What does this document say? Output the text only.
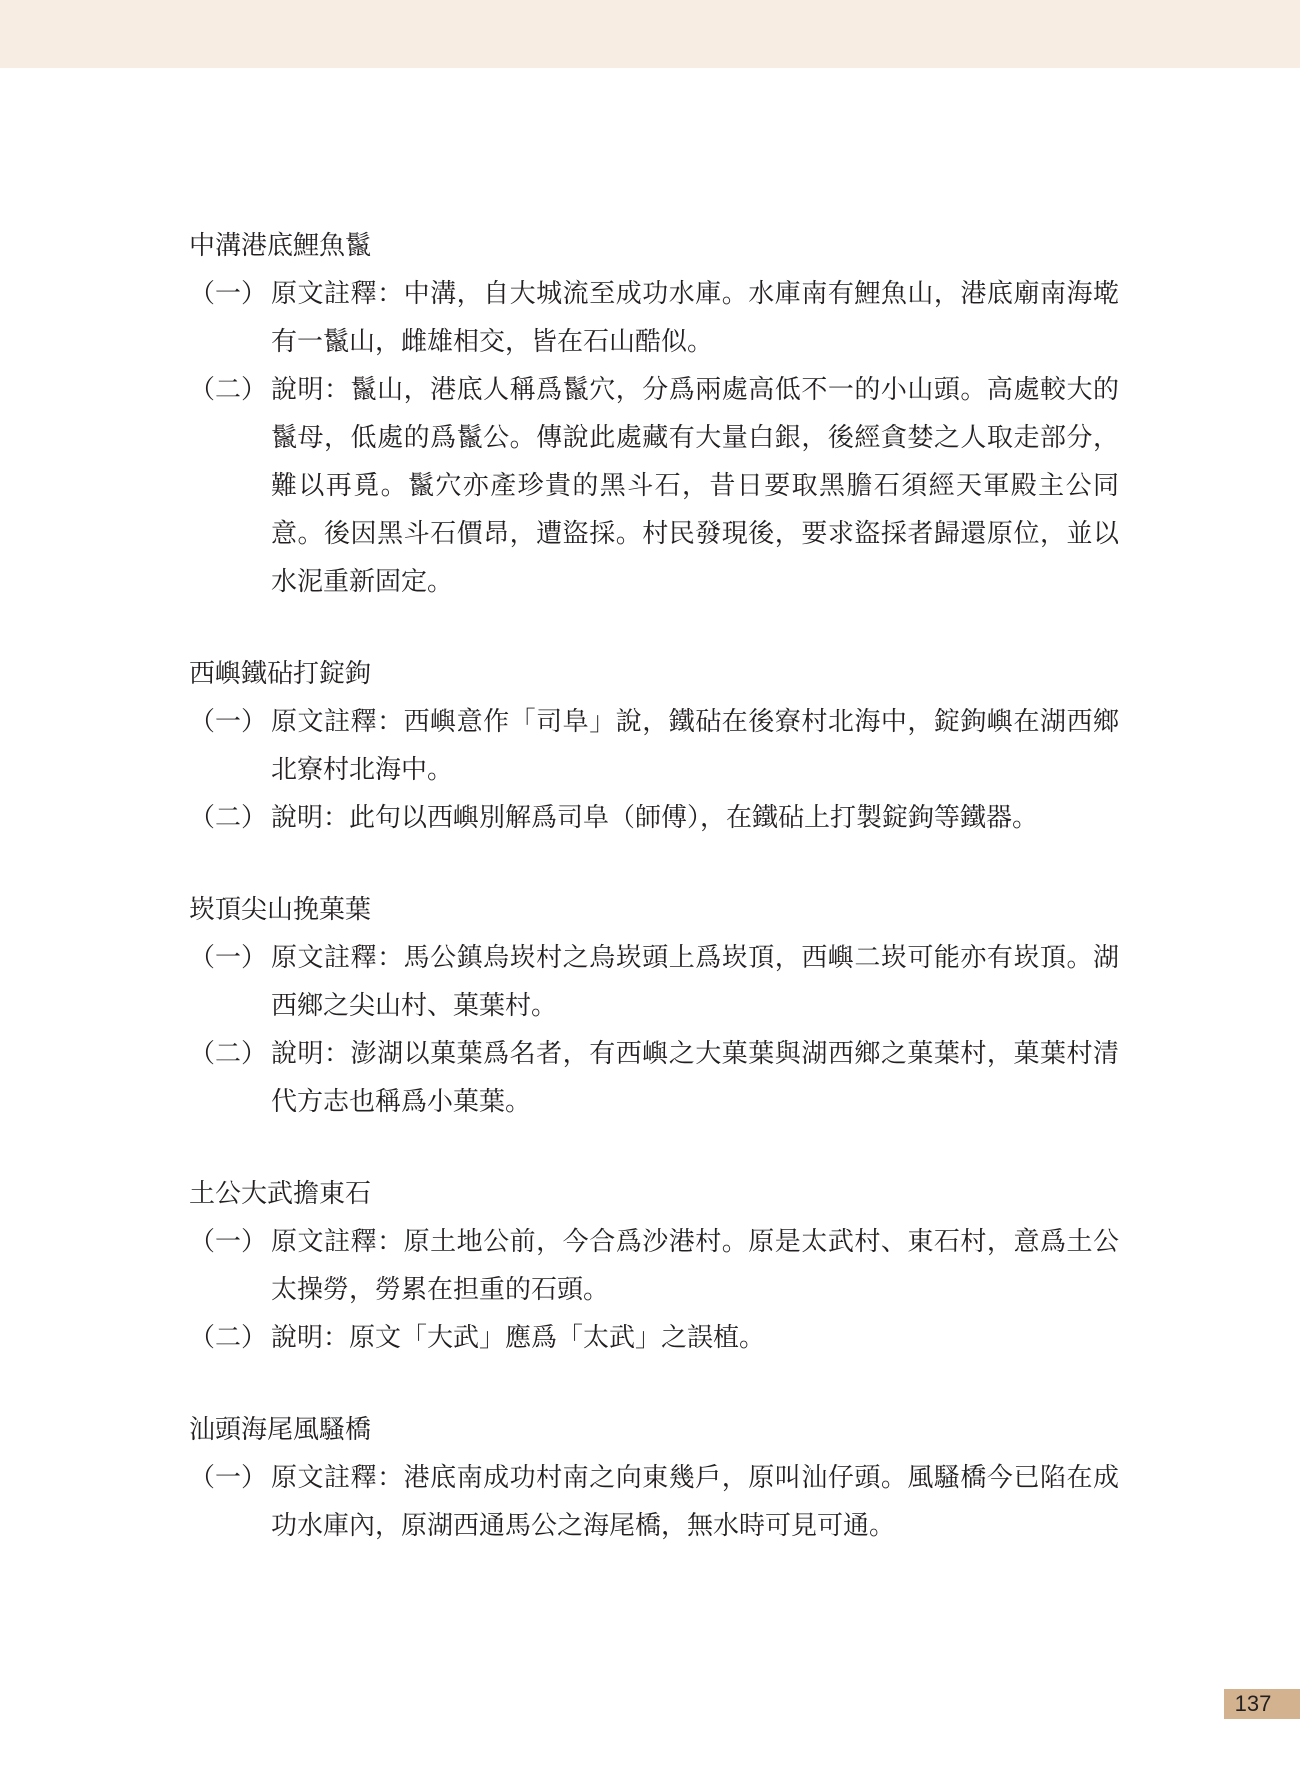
中溝港底鯉魚鬣
（一） 原文註釋：中溝，自大城流至成功水庫。水庫南有鯉魚山，港底廟南海墘有一鬣山，雌雄相交，皆在石山酷似。
（二） 說明：鬣山，港底人稱爲鬣穴，分爲兩處高低不一的小山頭。高處較大的鬣母，低處的爲鬣公。傳說此處藏有大量白銀，後經貪婪之人取走部分，難以再覓。鬣穴亦產珍貴的黑斗石，昔日要取黑膽石須經天軍殿主公同意。後因黑斗石價昂，遭盜採。村民發現後，要求盜採者歸還原位，並以水泥重新固定。
西嶼鐵砧打錠鉤
（一） 原文註釋：西嶼意作「司阜」說，鐵砧在後寮村北海中，錠鉤嶼在湖西鄉北寮村北海中。
（二） 說明：此句以西嶼別解爲司阜（師傅），在鐵砧上打製錠鉤等鐵器。
崁頂尖山挽菓葉
（一） 原文註釋：馬公鎮烏崁村之烏崁頭上爲崁頂，西嶼二崁可能亦有崁頂。湖西鄉之尖山村、菓葉村。
（二） 說明：澎湖以菓葉爲名者，有西嶼之大菓葉與湖西鄉之菓葉村，菓葉村清代方志也稱爲小菓葉。
土公大武擔東石
（一） 原文註釋：原土地公前，今合爲沙港村。原是太武村、東石村，意爲土公太操勞，勞累在担重的石頭。
（二） 說明：原文「大武」應爲「太武」之誤植。
汕頭海尾風騷橋
（一） 原文註釋：港底南成功村南之向東幾戶，原叫汕仔頭。風騷橋今已陷在成功水庫內，原湖西通馬公之海尾橋，無水時可見可通。
137
